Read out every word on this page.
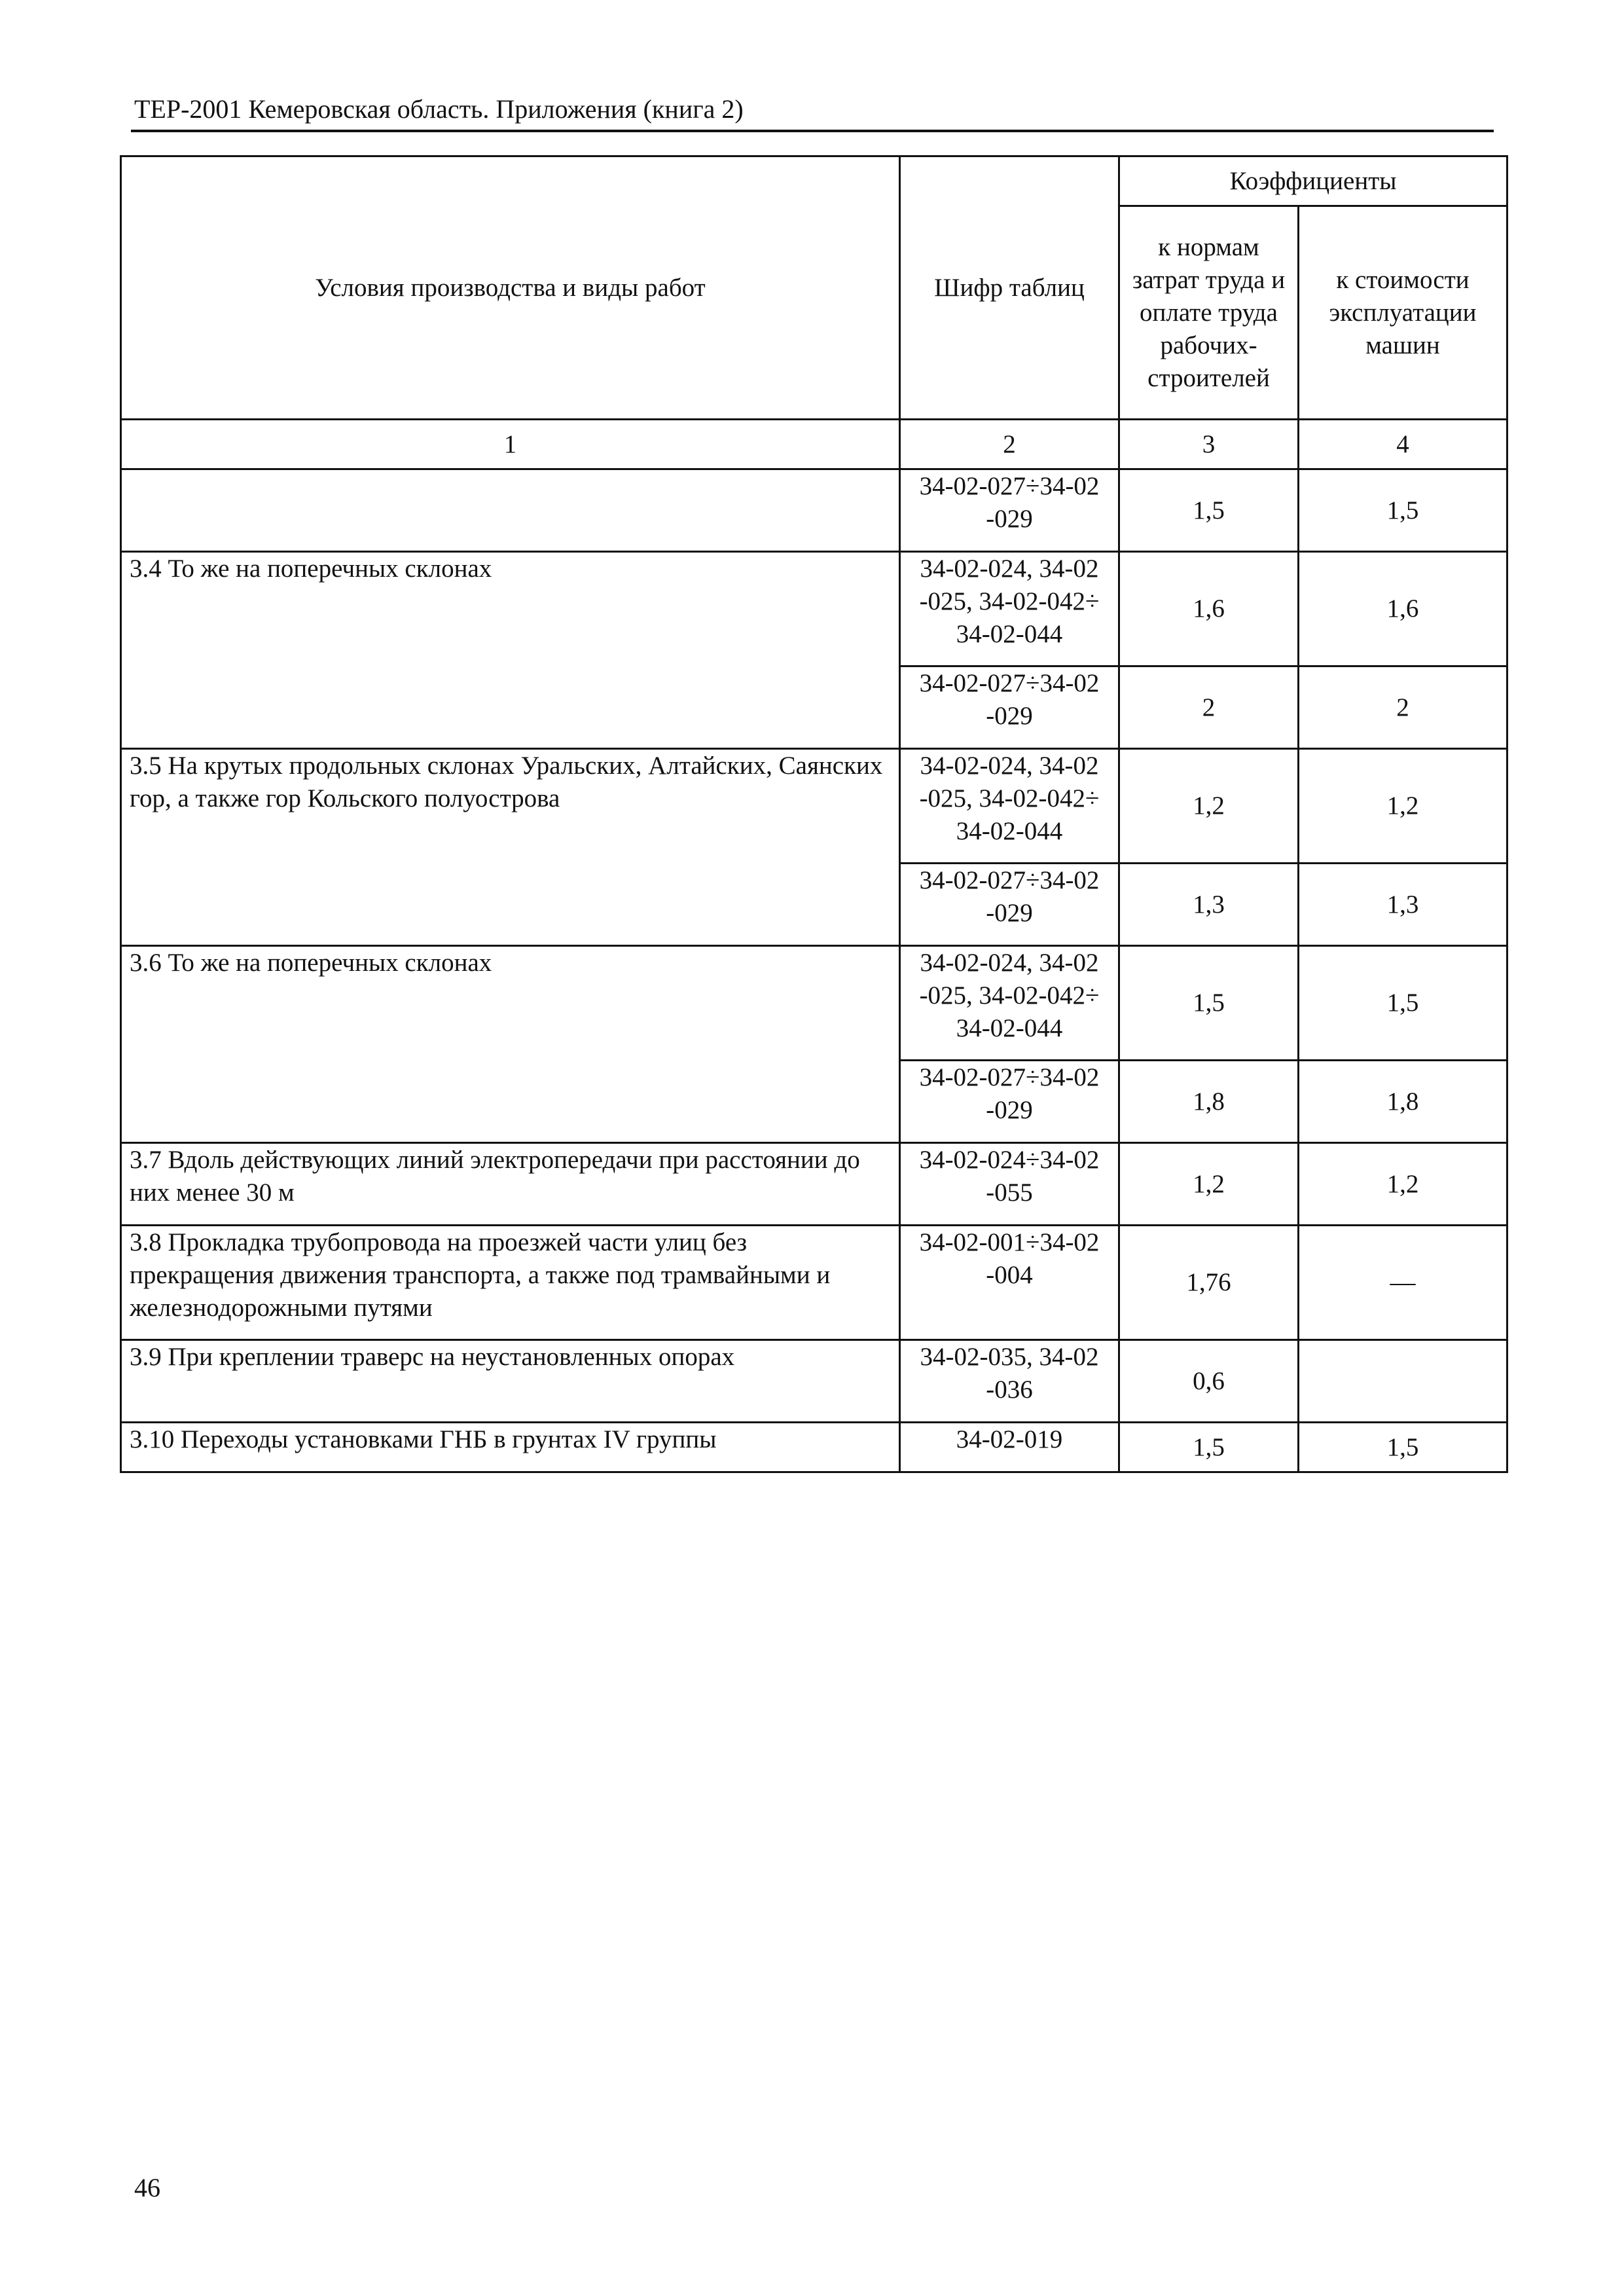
ТЕР-2001 Кемеровская область. Приложения (книга 2)
Условия производства и виды работ	Шифр таблиц	Коэффициенты	
		к нормам затрат труда и оплате труда рабочих-строителей	к стоимости эксплуатации машин
1	2	3	4
	34-02-027÷34-02-029	1,5	1,5
3.4 То же на поперечных склонах	34-02-024, 34-02-025, 34-02-042÷34-02-044	1,6	1,6
	34-02-027÷34-02-029	2	2
3.5 На крутых продольных склонах Уральских, Алтайских, Саянских гор, а также гор Кольского полуострова	34-02-024, 34-02-025, 34-02-042÷34-02-044	1,2	1,2
	34-02-027÷34-02-029	1,3	1,3
3.6 То же на поперечных склонах	34-02-024, 34-02-025, 34-02-042÷34-02-044	1,5	1,5
	34-02-027÷34-02-029	1,8	1,8
3.7 Вдоль действующих линий электропередачи при расстоянии до них менее 30 м	34-02-024÷34-02-055	1,2	1,2
3.8 Прокладка трубопровода на проезжей части улиц без прекращения движения транспорта, а также под трамвайными и железнодорожными путями	34-02-001÷34-02-004	1,76	—
3.9 При креплении траверс на неустановленных опорах	34-02-035, 34-02-036	0,6	
3.10 Переходы установками ГНБ в грунтах IV группы	34-02-019	1,5	1,5
46
